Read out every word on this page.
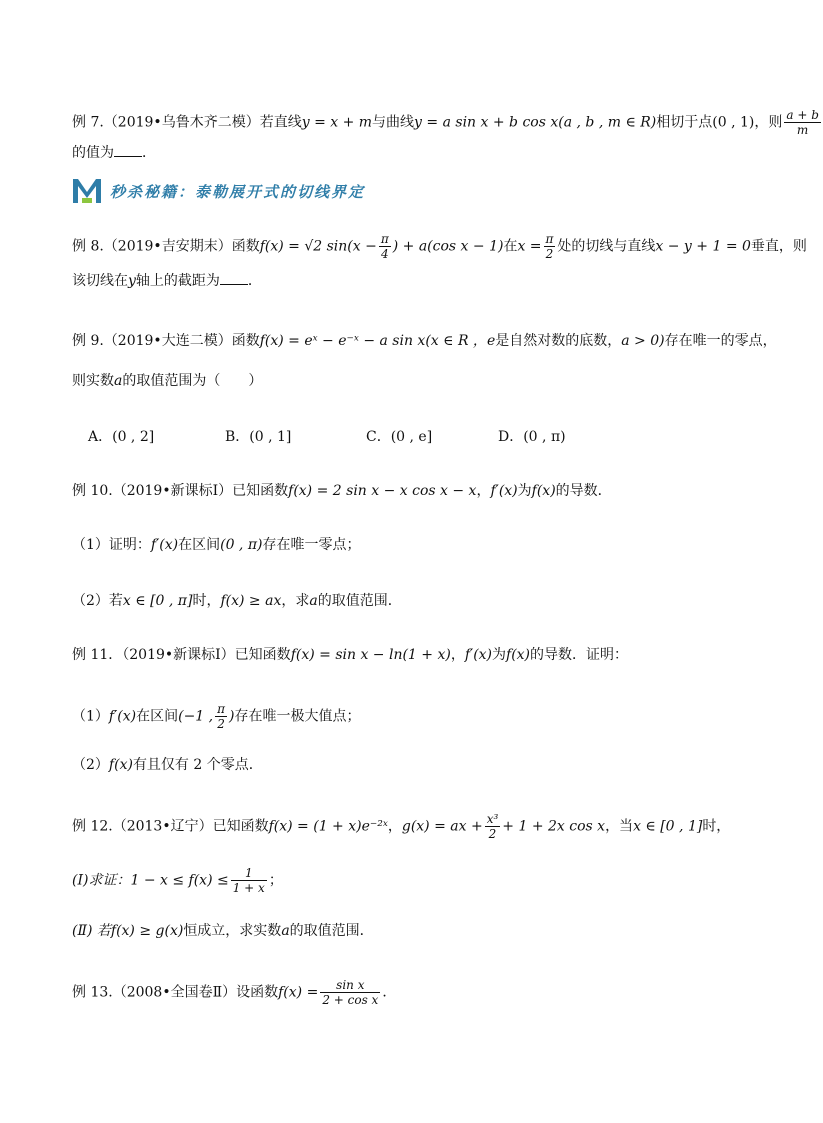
例 7.（2019•乌鲁木齐二模）若直线y = x + m与曲线y = a sin x + b cos x(a , b , m ∈ R)相切于点(0 , 1)，则 $\frac{a + b}{m}$
的值为 ．
秒杀秘籍：泰勒展开式的切线界定
例 8.（2019•吉安期末）函数f(x) = √2 $\sin(x - \frac{\pi}{4}$ ) + a(cos x − 1)在$x = \frac{\pi}{2}$ 处的切线与直线x − y + 1 = 0垂直，则
该切线在y轴上的截距为 ．
例 9.（2019•大连二模）函数f(x) = eˣ − e⁻ˣ − a sin x(x ∈ R ，e是自然对数的底数，a > 0)存在唯一的零点，
则实数a的取值范围为（　　）
A．(0 , 2]	B．(0 , 1]	C．(0 , e]	D．(0 , π)
例 10.（2019•新课标Ⅰ）已知函数f(x) = 2 sin x − x cos x − x，f′(x)为f(x)的导数．
（1）证明：f′(x)在区间(0 , π)存在唯一零点；
（2）若x ∈ [0 , π]时，f(x) ≥ ax，求a的取值范围．
例 11．（2019•新课标Ⅰ）已知函数f(x) = sin x − ln(1 + x)，f′(x)为f(x)的导数．证明：
（1）f′(x)在区间(−1 , $\frac{\pi}{2}$ )存在唯一极大值点；
（2）f(x)有且仅有 2 个零点．
例 12.（2013•辽宁）已知函数f(x) = (1 + x)e⁻²ˣ，g(x) = ax + $\frac{\text{x³}}{2} + 1 + 2x$ cos x，当x ∈ [0 , 1]时，
(Ⅰ)求证：$1 - x \le f(x) \le \frac{1}{1 + x}$ ；
(Ⅱ) 若f(x) ≥ g(x)恒成立，求实数a的取值范围．
例 13.（2008•全国卷Ⅱ）设函数$f(x) = \frac{\text{sin x}}{\text{2 + cos x}}$ ．
